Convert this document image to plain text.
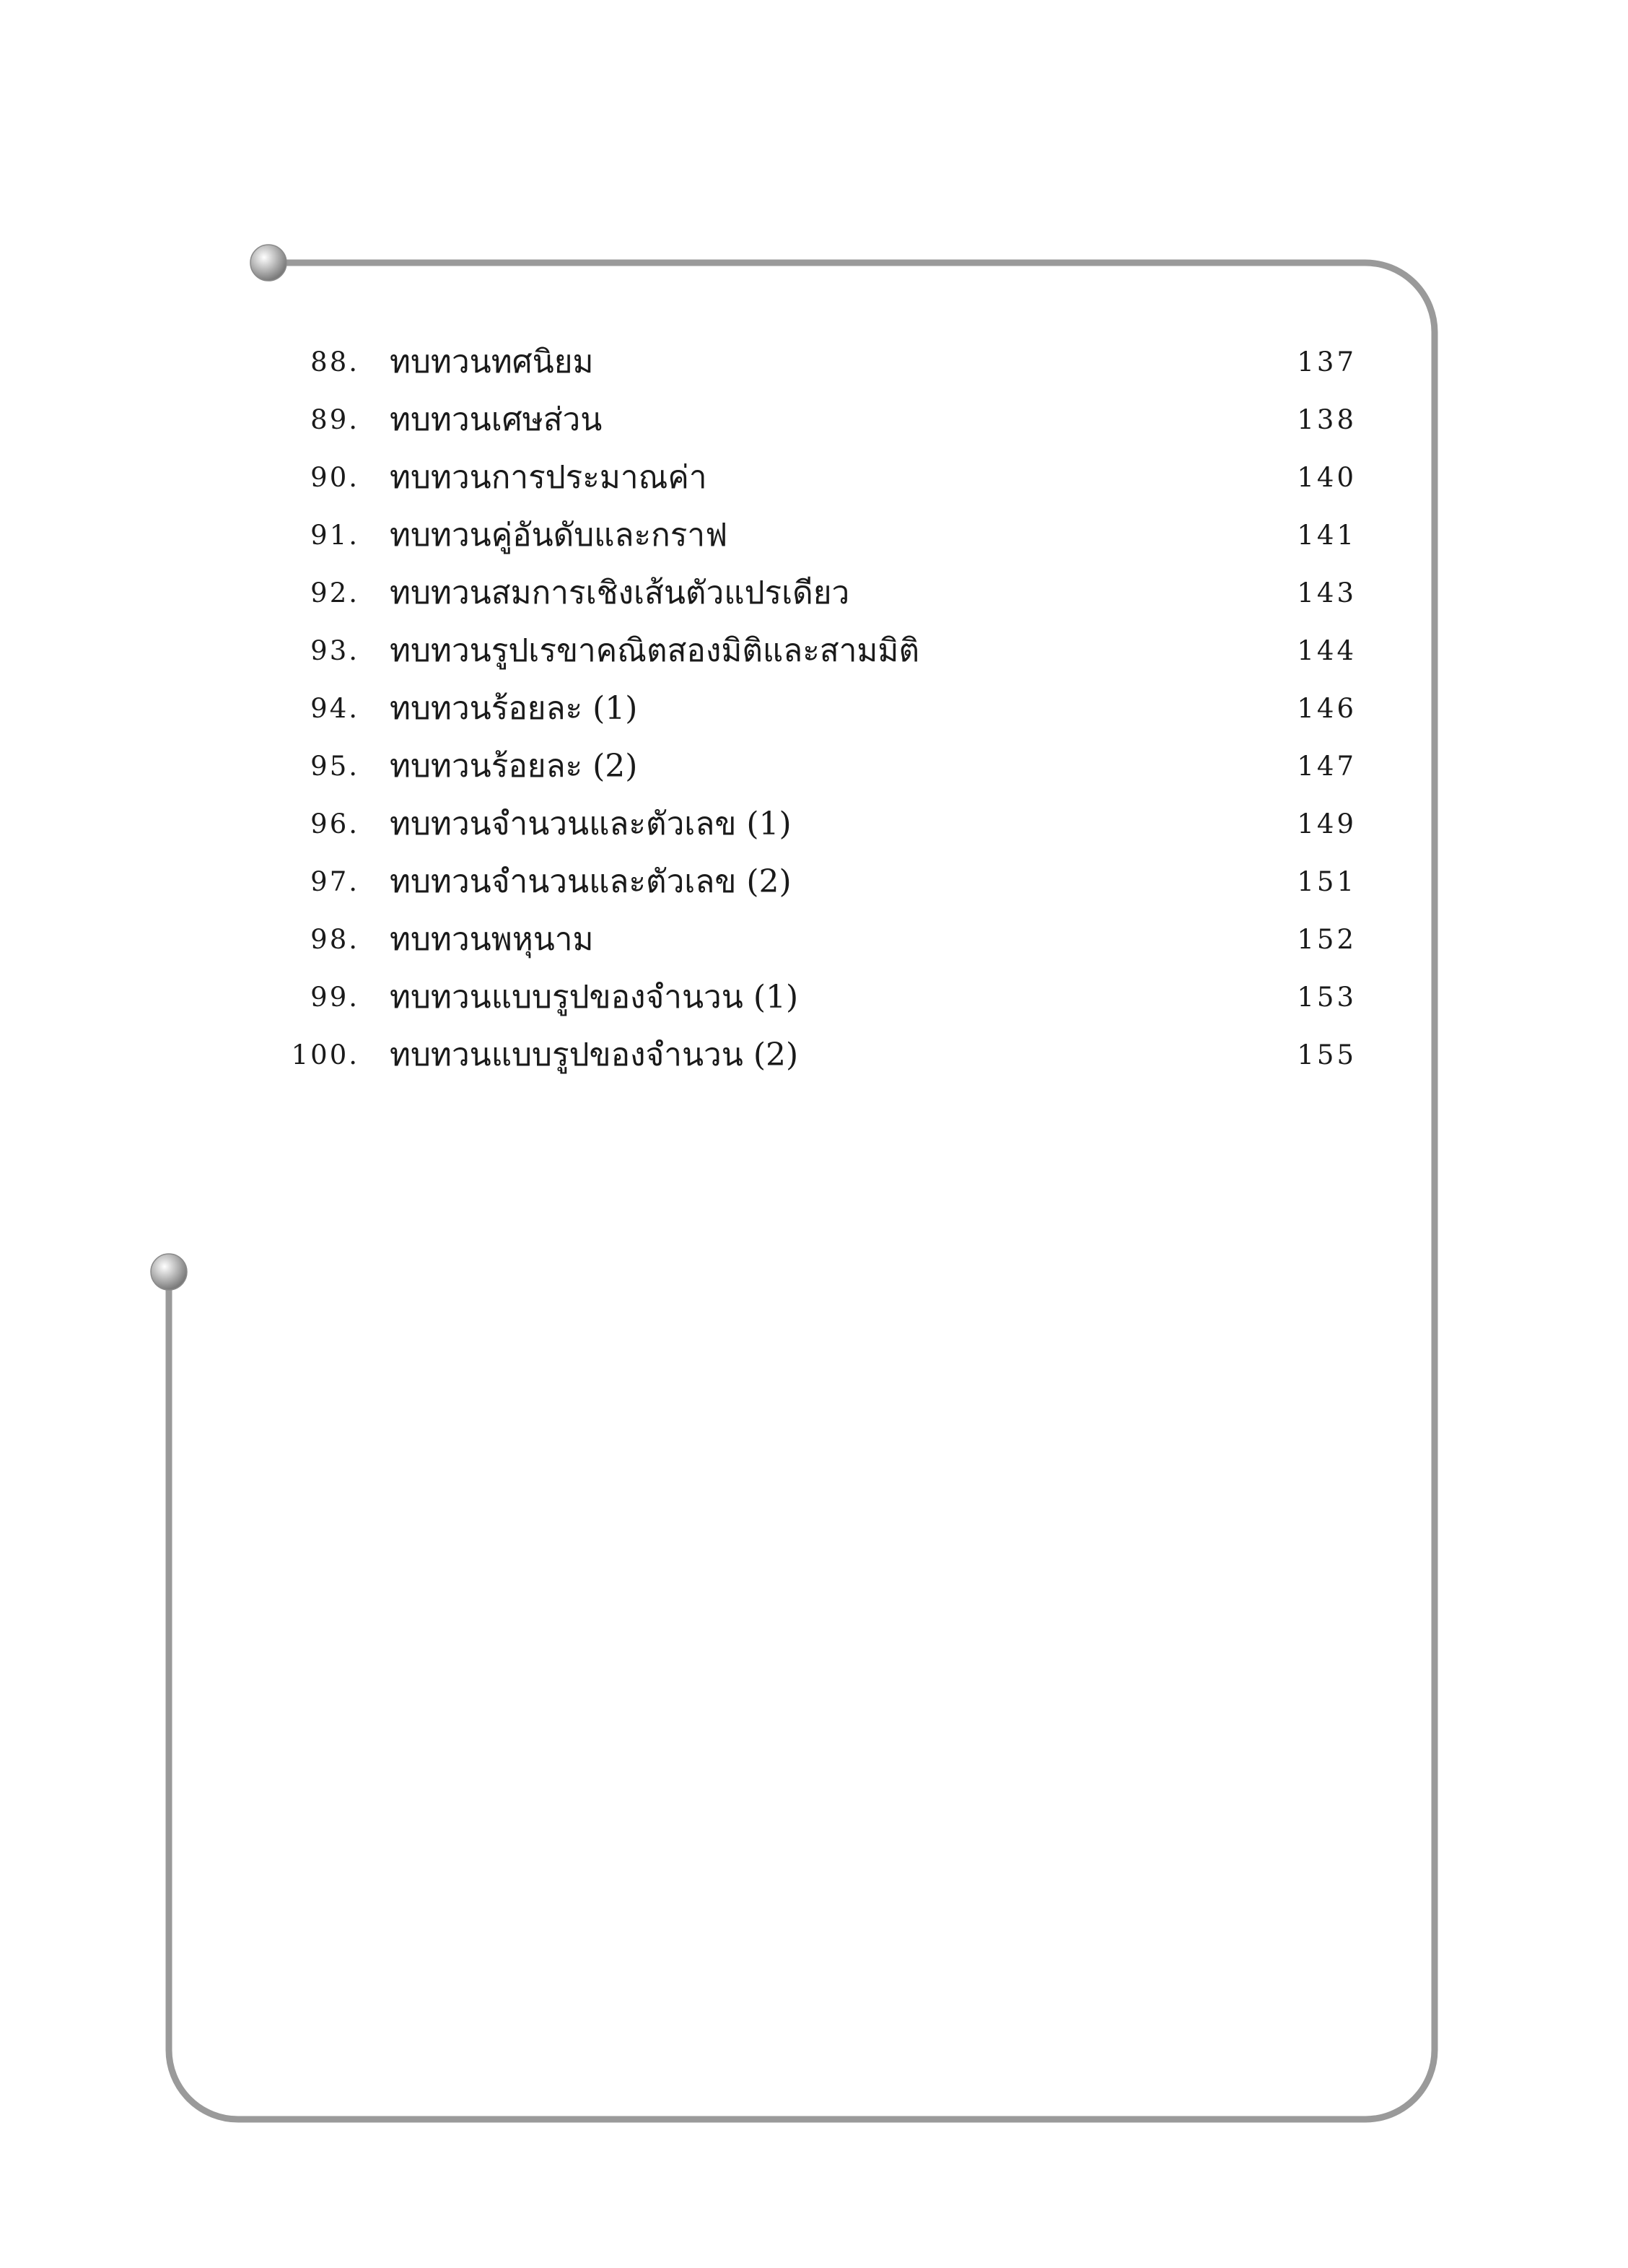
88. ทบทวนทศนิยม	137
89. ทบทวนเศษส่วน	138
90. ทบทวนการประมาณค่า	140
91. ทบทวนคู่อันดับและกราฟ	141
92. ทบทวนสมการเชิงเส้นตัวแปรเดียว	143
93. ทบทวนรูปเรขาคณิตสองมิติและสามมิติ	144
94. ทบทวนร้อยละ (1)	146
95. ทบทวนร้อยละ (2)	147
96. ทบทวนจำนวนและตัวเลข (1)	149
97. ทบทวนจำนวนและตัวเลข (2)	151
98. ทบทวนพหุนาม	152
99. ทบทวนแบบรูปของจำนวน (1)	153
100. ทบทวนแบบรูปของจำนวน (2)	155
